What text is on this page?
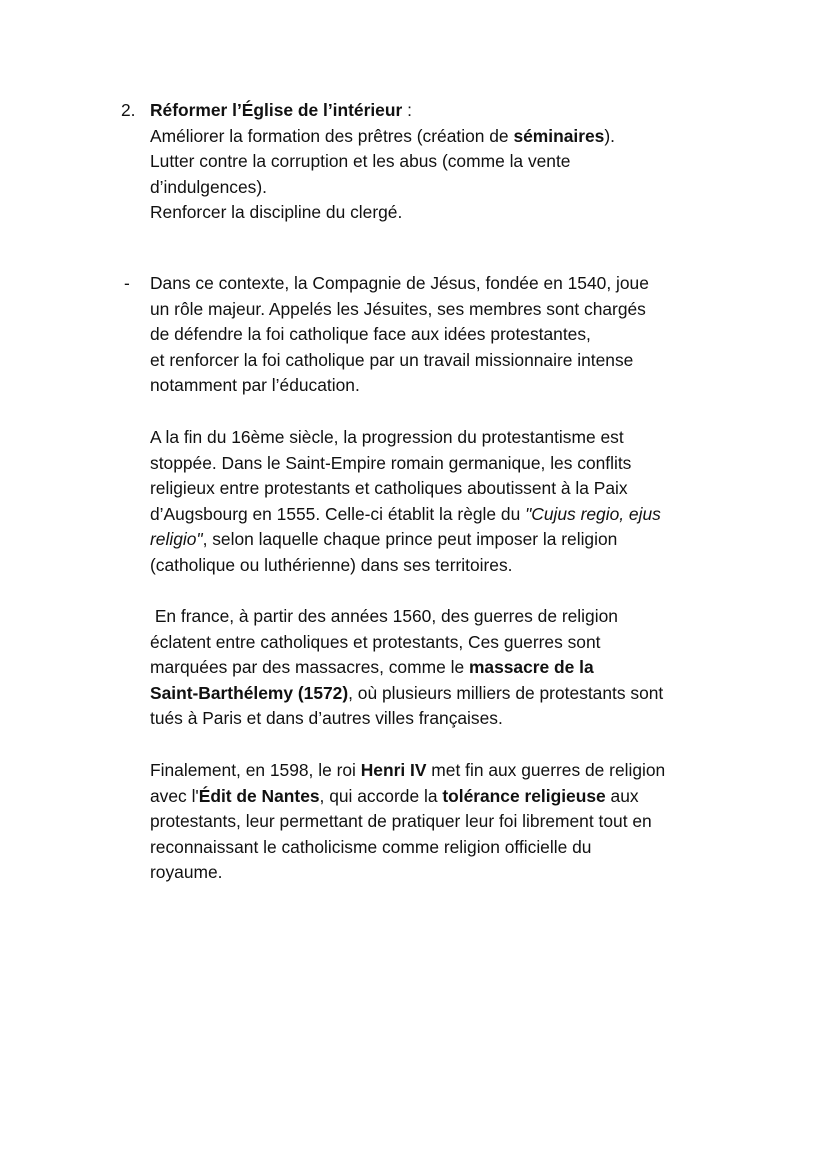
2. Réformer l’Église de l’intérieur :
Améliorer la formation des prêtres (création de séminaires).
Lutter contre la corruption et les abus (comme la vente
d’indulgences).
Renforcer la discipline du clergé.
- Dans ce contexte, la Compagnie de Jésus, fondée en 1540, joue
un rôle majeur. Appelés les Jésuites, ses membres sont chargés
de défendre la foi catholique face aux idées protestantes,
et renforcer la foi catholique par un travail missionnaire intense
notamment par l’éducation.
A la fin du 16ème siècle, la progression du protestantisme est
stoppée. Dans le Saint-Empire romain germanique, les conflits
religieux entre protestants et catholiques aboutissent à la Paix
d’Augsbourg en 1555. Celle-ci établit la règle du "Cujus regio, ejus
religio", selon laquelle chaque prince peut imposer la religion
(catholique ou luthérienne) dans ses territoires.
En france, à partir des années 1560, des guerres de religion
éclatent entre catholiques et protestants, Ces guerres sont
marquées par des massacres, comme le massacre de la
Saint-Barthélemy (1572), où plusieurs milliers de protestants sont
tués à Paris et dans d’autres villes françaises.
Finalement, en 1598, le roi Henri IV met fin aux guerres de religion
avec l'Édit de Nantes, qui accorde la tolérance religieuse aux
protestants, leur permettant de pratiquer leur foi librement tout en
reconnaissant le catholicisme comme religion officielle du
royaume.
